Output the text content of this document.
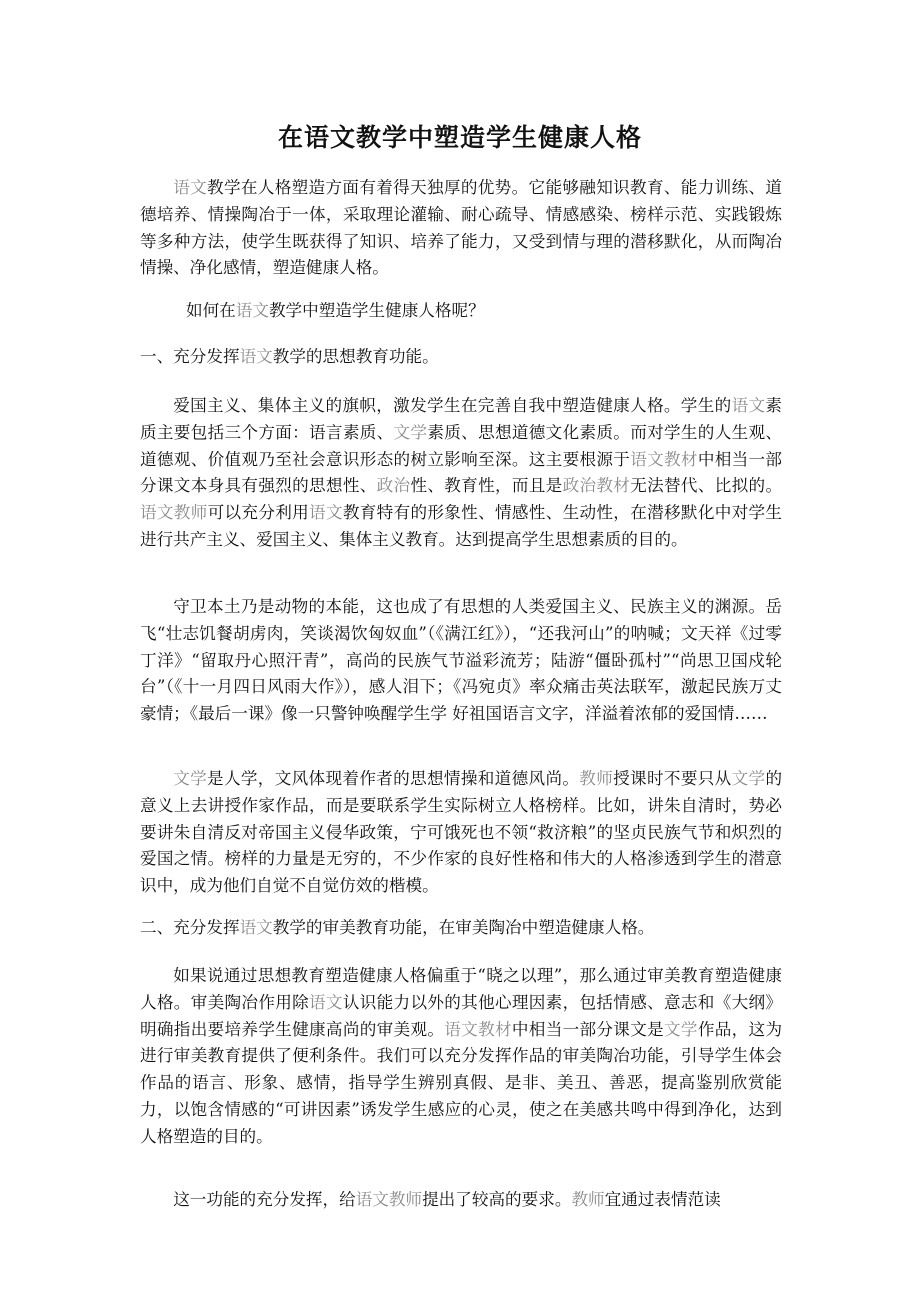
在语文教学中塑造学生健康人格
语文教学在人格塑造方面有着得天独厚的优势。它能够融知识教育、能力训练、道德培养、情操陶冶于一体，采取理论灌输、耐心疏导、情感感染、榜样示范、实践锻炼等多种方法，使学生既获得了知识、培养了能力，又受到情与理的潜移默化，从而陶冶情操、净化感情，塑造健康人格。
如何在语文教学中塑造学生健康人格呢？
一、充分发挥语文教学的思想教育功能。
爱国主义、集体主义的旗帜，激发学生在完善自我中塑造健康人格。学生的语文素质主要包括三个方面：语言素质、文学素质、思想道德文化素质。而对学生的人生观、道德观、价值观乃至社会意识形态的树立影响至深。这主要根源于语文教材中相当一部分课文本身具有强烈的思想性、政治性、教育性，而且是政治教材无法替代、比拟的。语文教师可以充分利用语文教育特有的形象性、情感性、生动性，在潜移默化中对学生进行共产主义、爱国主义、集体主义教育。达到提高学生思想素质的目的。
守卫本土乃是动物的本能，这也成了有思想的人类爱国主义、民族主义的渊源。岳飞“壮志饥餐胡虏肉，笑谈渴饮匈奴血”（《满江红》），“还我河山”的呐喊；文天祥《过零丁洋》“留取丹心照汗青”，高尚的民族气节溢彩流芳；陆游“僵卧孤村”“尚思卫国戍轮台”（《十一月四日风雨大作》），感人泪下；《冯宛贞》率众痛击英法联军，激起民族万丈豪情；《最后一课》像一只警钟唤醒学生学 好祖国语言文字，洋溢着浓郁的爱国情……
文学是人学，文风体现着作者的思想情操和道德风尚。教师授课时不要只从文学的意义上去讲授作家作品，而是要联系学生实际树立人格榜样。比如，讲朱自清时，势必要讲朱自清反对帝国主义侵华政策，宁可饿死也不领“救济粮”的坚贞民族气节和炽烈的爱国之情。榜样的力量是无穷的，不少作家的良好性格和伟大的人格渗透到学生的潜意识中，成为他们自觉不自觉仿效的楷模。
二、充分发挥语文教学的审美教育功能，在审美陶冶中塑造健康人格。
如果说通过思想教育塑造健康人格偏重于“晓之以理”，那么通过审美教育塑造健康人格。审美陶冶作用除语文认识能力以外的其他心理因素，包括情感、意志和《大纲》明确指出要培养学生健康高尚的审美观。语文教材中相当一部分课文是文学作品，这为进行审美教育提供了便利条件。我们可以充分发挥作品的审美陶冶功能，引导学生体会作品的语言、形象、感情，指导学生辨别真假、是非、美丑、善恶，提高鉴别欣赏能力，以饱含情感的“可讲因素”诱发学生感应的心灵，使之在美感共鸣中得到净化，达到人格塑造的目的。
这一功能的充分发挥，给语文教师提出了较高的要求。教师宜通过表情范读
